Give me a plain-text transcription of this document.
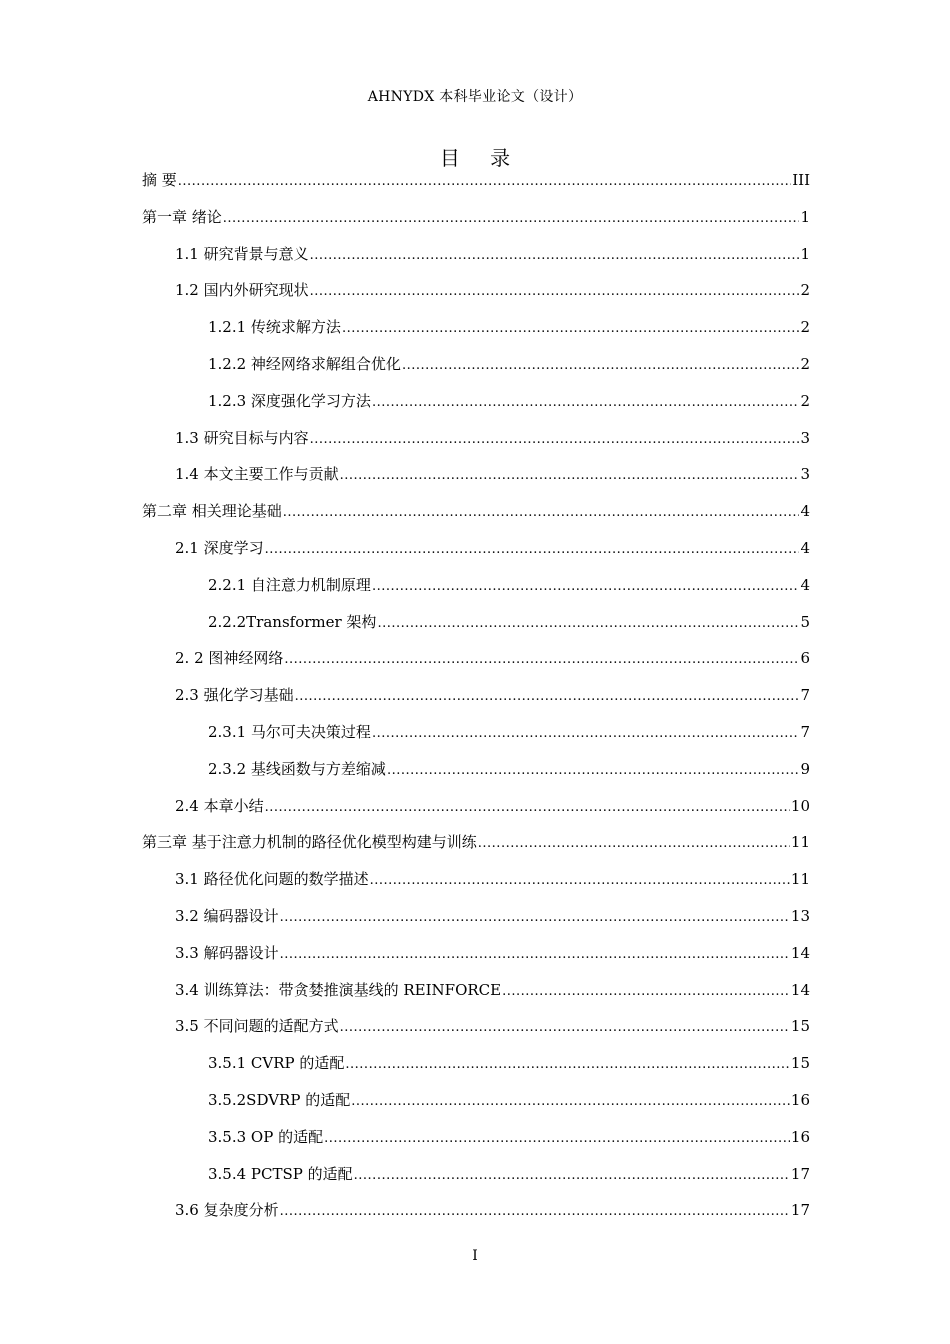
AHNYDX 本科毕业论文（设计）
目 录
摘 要 .....	III
第一章 绪论 .....	1
1.1 研究背景与意义 .....	1
1.2 国内外研究现状 .....	2
1.2.1 传统求解方法 .....	2
1.2.2 神经网络求解组合优化 .....	2
1.2.3 深度强化学习方法 .....	2
1.3 研究目标与内容 .....	3
1.4 本文主要工作与贡献 .....	3
第二章 相关理论基础 .....	4
2.1 深度学习 .....	4
2.2.1 自注意力机制原理 .....	4
2.2.2Transformer 架构 .....	5
2. 2 图神经网络 .....	6
2.3 强化学习基础 .....	7
2.3.1 马尔可夫决策过程 .....	7
2.3.2 基线函数与方差缩减 .....	9
2.4 本章小结 .....	10
第三章 基于注意力机制的路径优化模型构建与训练 .....	11
3.1 路径优化问题的数学描述 .....	11
3.2 编码器设计 .....	13
3.3 解码器设计 .....	14
3.4 训练算法：带贪婪推演基线的 REINFORCE .....	14
3.5 不同问题的适配方式 .....	15
3.5.1 CVRP 的适配 .....	15
3.5.2SDVRP 的适配 .....	16
3.5.3 OP 的适配 .....	16
3.5.4 PCTSP 的适配 .....	17
3.6 复杂度分析 .....	17
I
